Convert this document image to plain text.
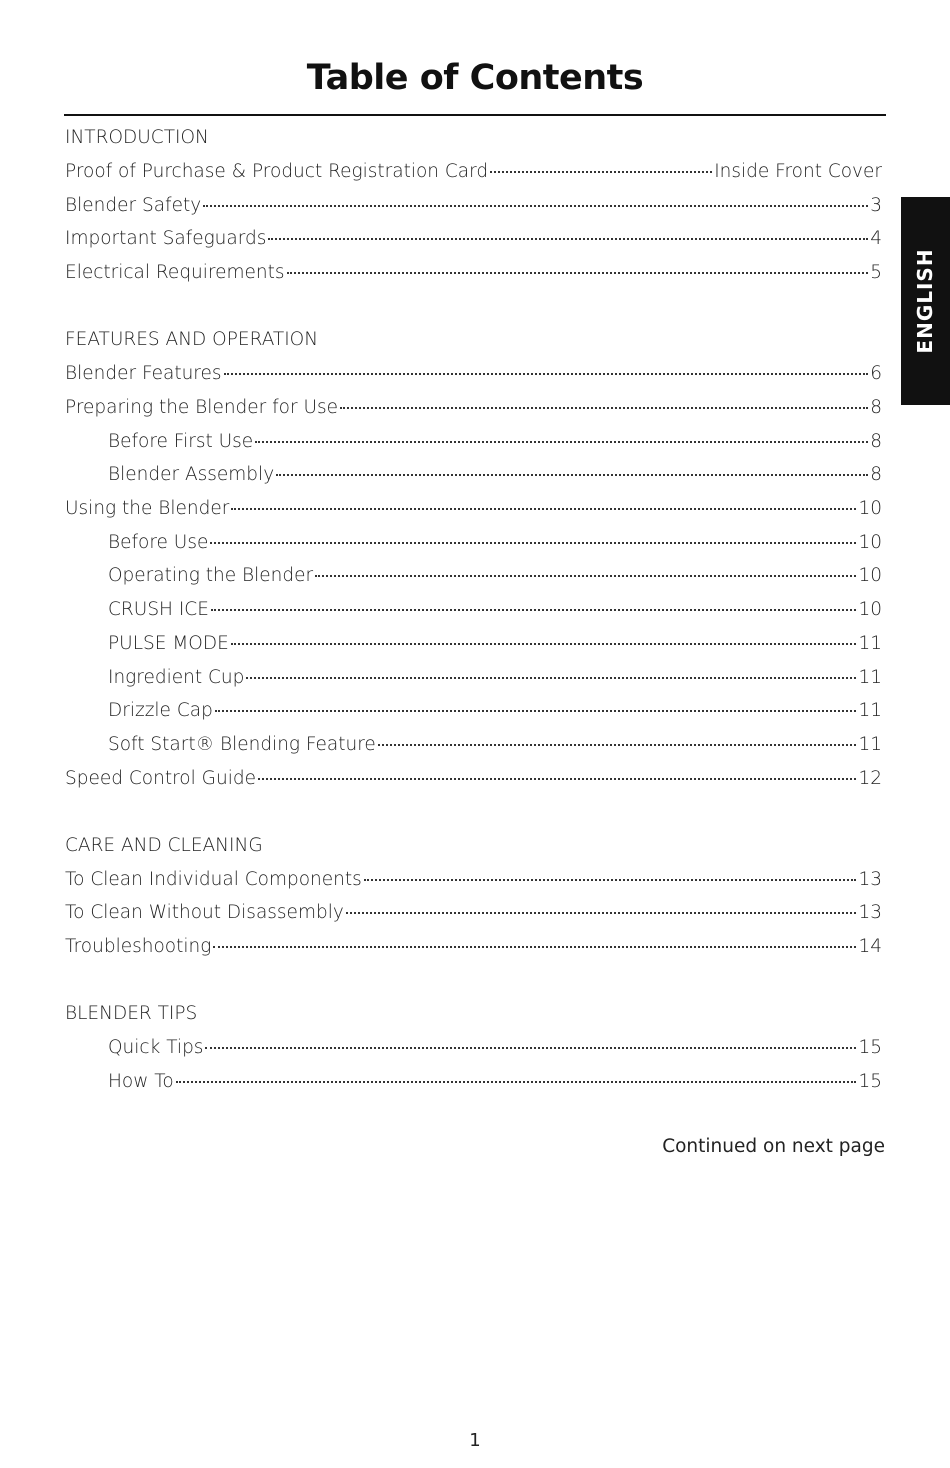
Table of Contents
ENGLISH
INTRODUCTION
Proof of Purchase & Product Registration Card	Inside Front Cover
Blender Safety	3
Important Safeguards	4
Electrical Requirements	5
FEATURES AND OPERATION
Blender Features	6
Preparing the Blender for Use	8
Before First Use	8
Blender Assembly	8
Using the Blender	10
Before Use	10
Operating the Blender	10
CRUSH ICE	10
PULSE MODE	11
Ingredient Cup	11
Drizzle Cap	11
Soft Start® Blending Feature	11
Speed Control Guide	12
CARE AND CLEANING
To Clean Individual Components	13
To Clean Without Disassembly	13
Troubleshooting	14
BLENDER TIPS
Quick Tips	15
How To	15
Continued on next page
1
